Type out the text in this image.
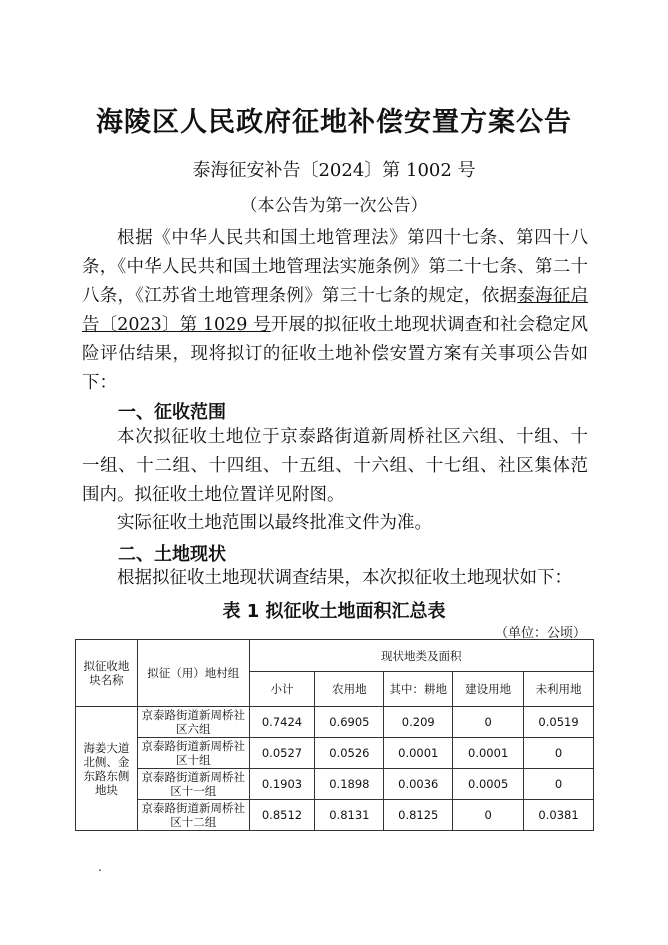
海陵区人民政府征地补偿安置方案公告
泰海征安补告〔2024〕第 1002 号
（本公告为第一次公告）
根据《中华人民共和国土地管理法》第四十七条、第四十八条，《中华人民共和国土地管理法实施条例》第二十七条、第二十八条，《江苏省土地管理条例》第三十七条的规定，依据泰海征启告〔2023〕第 1029 号开展的拟征收土地现状调查和社会稳定风险评估结果，现将拟订的征收土地补偿安置方案有关事项公告如下：
一、征收范围
本次拟征收土地位于京泰路街道新周桥社区六组、十组、十一组、十二组、十四组、十五组、十六组、十七组、社区集体范围内。拟征收土地位置详见附图。
实际征收土地范围以最终批准文件为准。
二、土地现状
根据拟征收土地现状调查结果，本次拟征收土地现状如下：
表 1 拟征收土地面积汇总表
（单位：公顷）
拟征收地块名称	拟征（用）地村组	现状地类及面积				
		小计	农用地	其中：耕地	建设用地	未利用地
海姜大道北侧、金东路东侧地块	京泰路街道新周桥社区六组	0.7424	0.6905	0.209	0	0.0519
	京泰路街道新周桥社区十组	0.0527	0.0526	0.0001	0.0001	0
	京泰路街道新周桥社区十一组	0.1903	0.1898	0.0036	0.0005	0
	京泰路街道新周桥社区十二组	0.8512	0.8131	0.8125	0	0.0381
.
